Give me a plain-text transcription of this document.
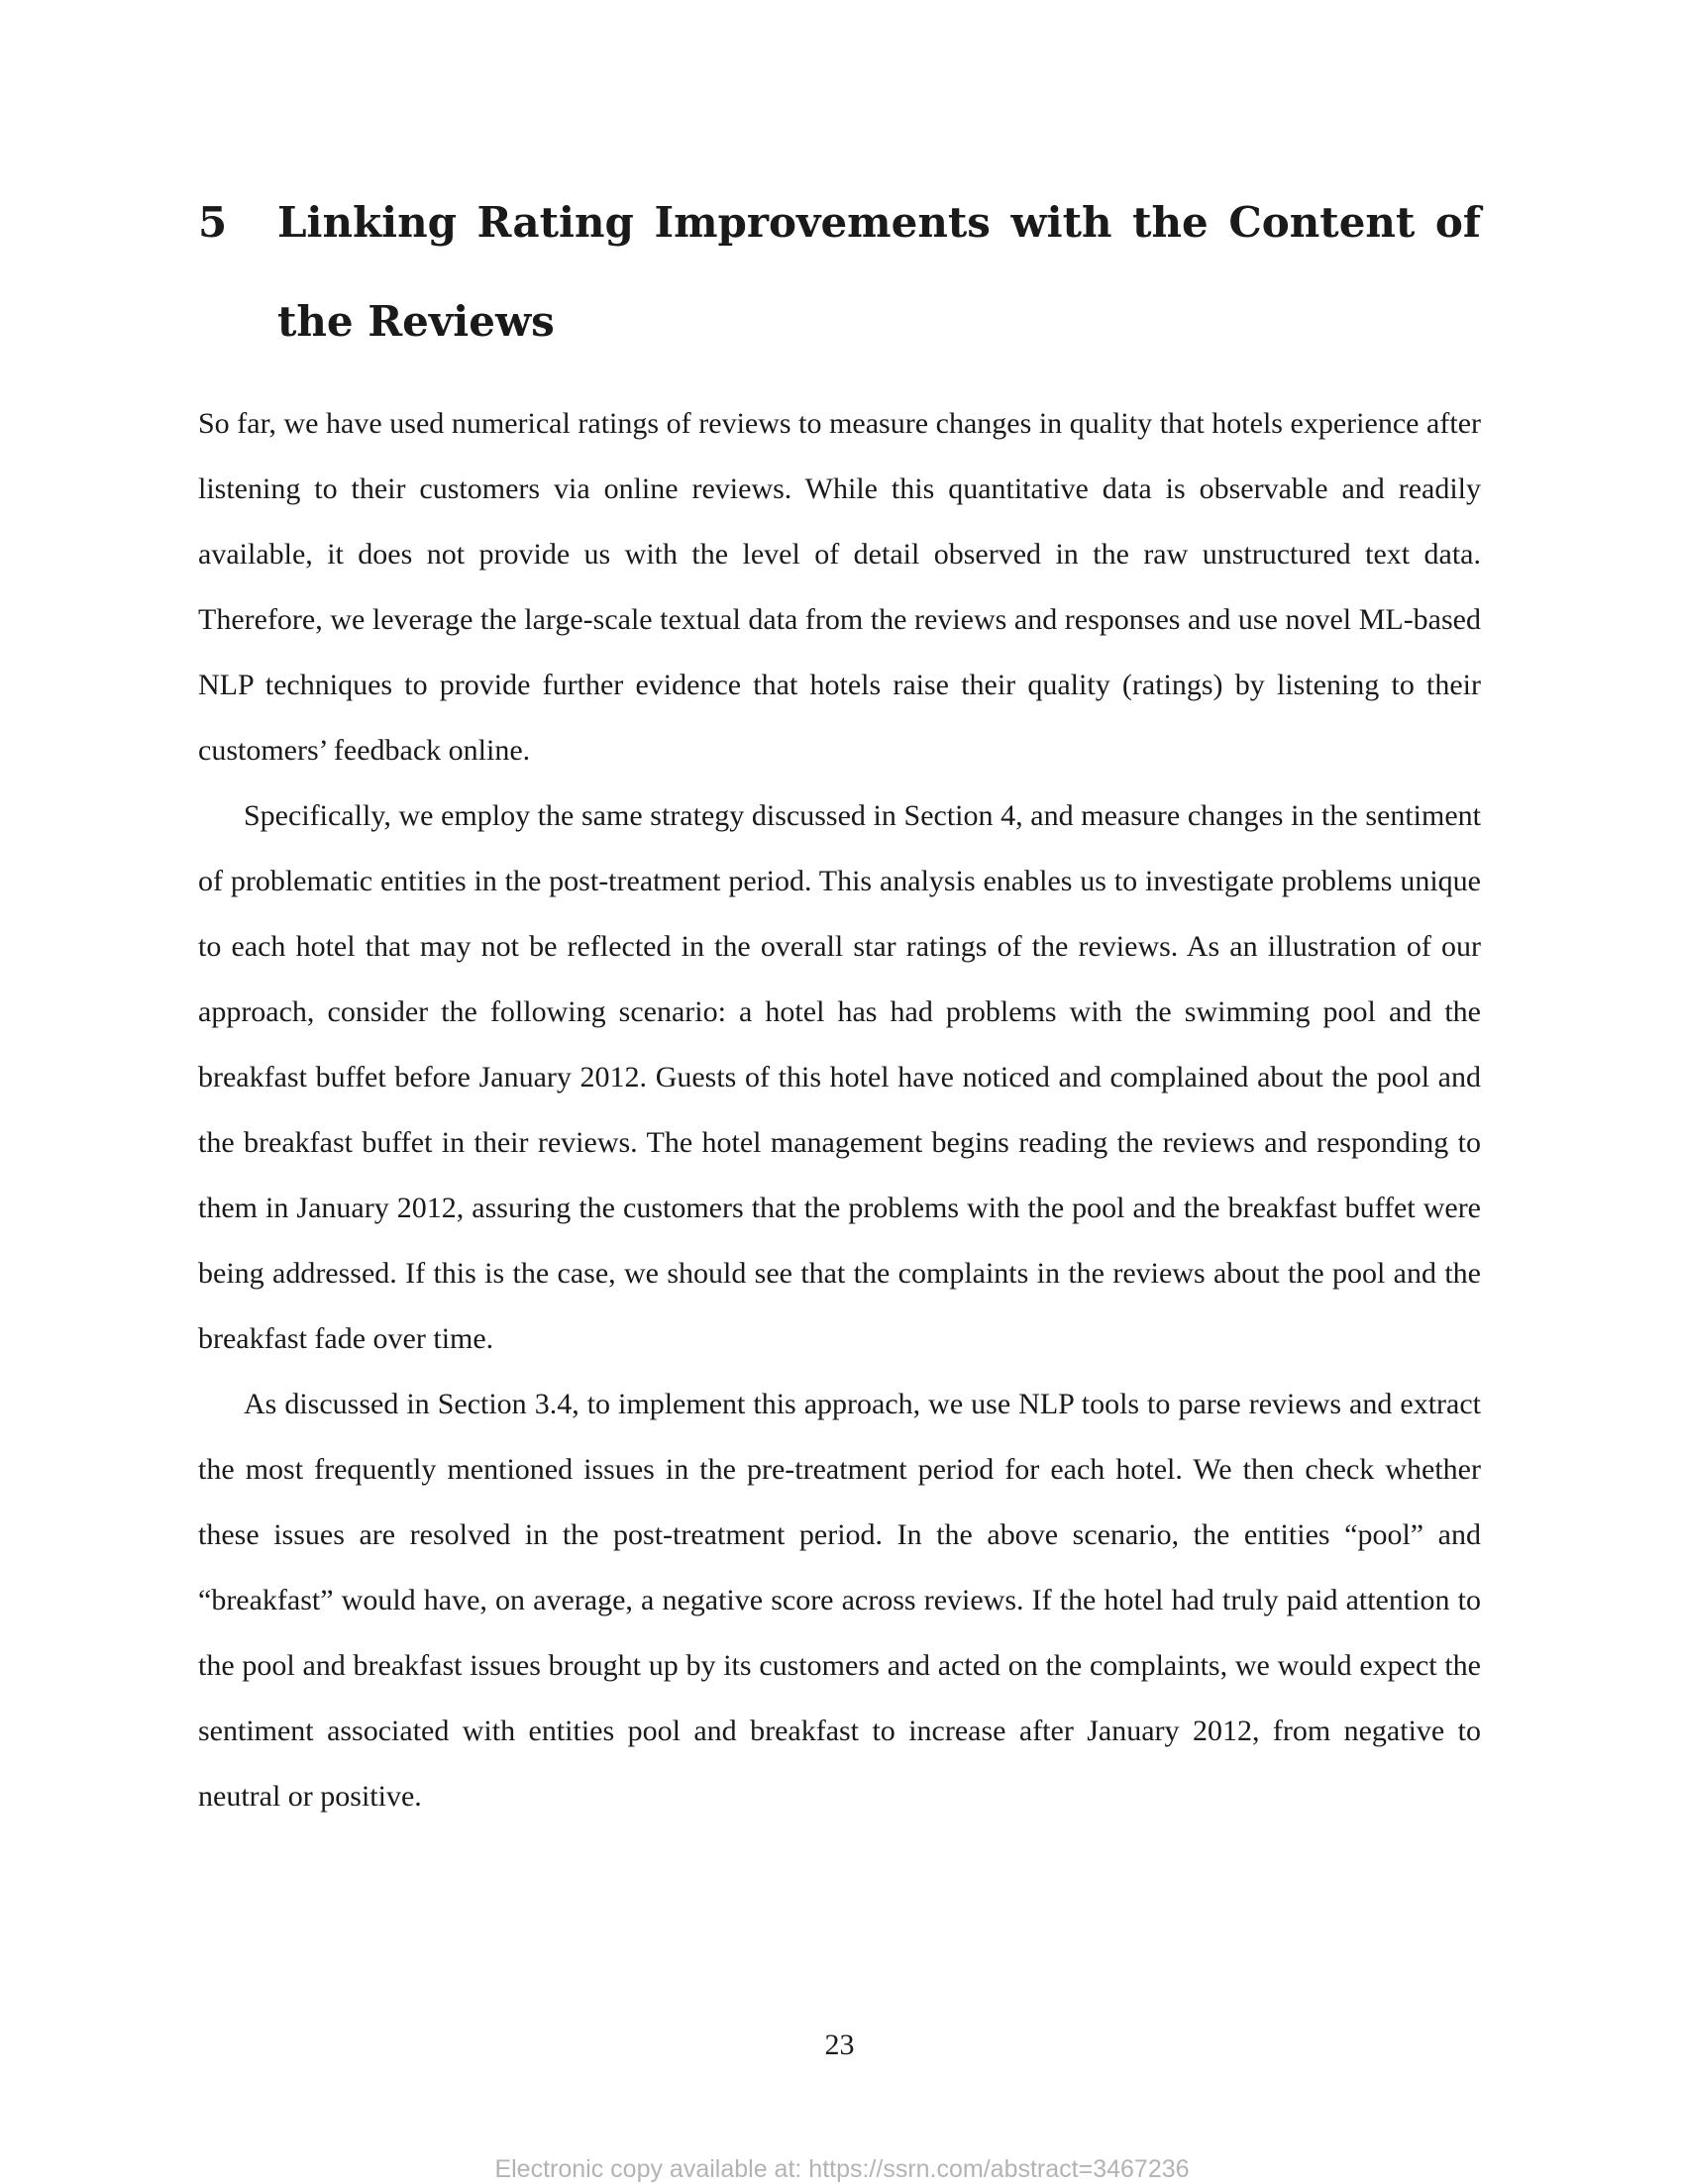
5	Linking Rating Improvements with the Content of the Reviews

So far, we have used numerical ratings of reviews to measure changes in quality that hotels experience after listening to their customers via online reviews. While this quantitative data is observable and readily available, it does not provide us with the level of detail observed in the raw unstructured text data. Therefore, we leverage the large-scale textual data from the reviews and responses and use novel ML-based NLP techniques to provide further evidence that hotels raise their quality (ratings) by listening to their customers’ feedback online.

Specifically, we employ the same strategy discussed in Section 4, and measure changes in the sentiment of problematic entities in the post-treatment period. This analysis enables us to investigate problems unique to each hotel that may not be reflected in the overall star ratings of the reviews. As an illustration of our approach, consider the following scenario: a hotel has had problems with the swimming pool and the breakfast buffet before January 2012. Guests of this hotel have noticed and complained about the pool and the breakfast buffet in their reviews. The hotel management begins reading the reviews and responding to them in January 2012, assuring the customers that the problems with the pool and the breakfast buffet were being addressed. If this is the case, we should see that the complaints in the reviews about the pool and the breakfast fade over time.

As discussed in Section 3.4, to implement this approach, we use NLP tools to parse reviews and extract the most frequently mentioned issues in the pre-treatment period for each hotel. We then check whether these issues are resolved in the post-treatment period. In the above scenario, the entities “pool” and “breakfast” would have, on average, a negative score across reviews. If the hotel had truly paid attention to the pool and breakfast issues brought up by its customers and acted on the complaints, we would expect the sentiment associated with entities pool and breakfast to increase after January 2012, from negative to neutral or positive.

23
Electronic copy available at: https://ssrn.com/abstract=3467236
